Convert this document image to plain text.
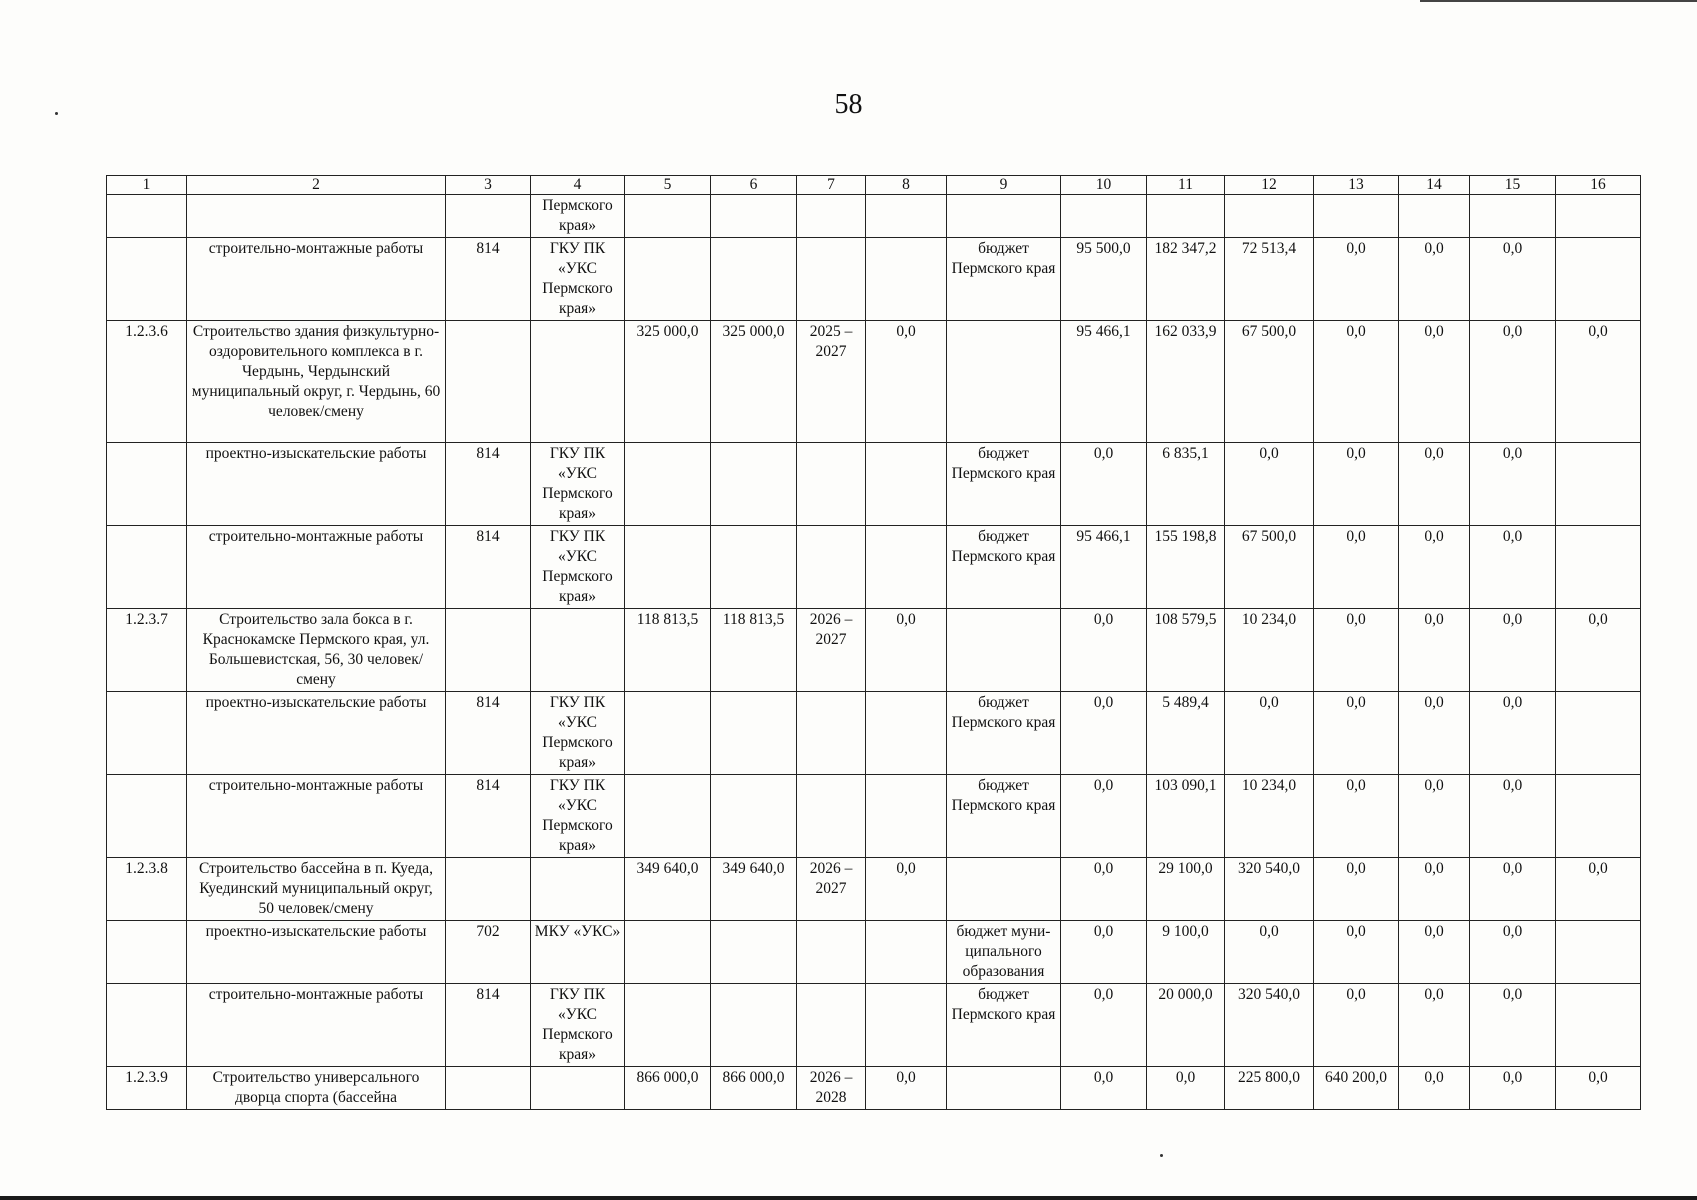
58
1	2	3	4	5	6	7	8	9	10	11	12	13	14	15	16
			Пермского края»												
	строительно-монтажные работы	814	ГКУ ПК «УКС Пермского края»					бюджет Пермского края	95 500,0	182 347,2	72 513,4	0,0	0,0	0,0	
1.2.3.6	Строительство здания физкультурно-оздоровительного комплекса в г. Чердынь, Чердынский муниципальный округ, г. Чердынь, 60 человек/смену			325 000,0	325 000,0	2025 – 2027	0,0		95 466,1	162 033,9	67 500,0	0,0	0,0	0,0	0,0
	проектно-изыскательские работы	814	ГКУ ПК «УКС Пермского края»					бюджет Пермского края	0,0	6 835,1	0,0	0,0	0,0	0,0	
	строительно-монтажные работы	814	ГКУ ПК «УКС Пермского края»					бюджет Пермского края	95 466,1	155 198,8	67 500,0	0,0	0,0	0,0	
1.2.3.7	Строительство зала бокса в г. Краснокамске Пермского края, ул. Большевистская, 56, 30 человек/смену			118 813,5	118 813,5	2026 – 2027	0,0		0,0	108 579,5	10 234,0	0,0	0,0	0,0	0,0
	проектно-изыскательские работы	814	ГКУ ПК «УКС Пермского края»					бюджет Пермского края	0,0	5 489,4	0,0	0,0	0,0	0,0	
	строительно-монтажные работы	814	ГКУ ПК «УКС Пермского края»					бюджет Пермского края	0,0	103 090,1	10 234,0	0,0	0,0	0,0	
1.2.3.8	Строительство бассейна в п. Куеда, Куединский муниципальный округ, 50 человек/смену			349 640,0	349 640,0	2026 – 2027	0,0		0,0	29 100,0	320 540,0	0,0	0,0	0,0	0,0
	проектно-изыскательские работы	702	МКУ «УКС»					бюджет муни-ципального образования	0,0	9 100,0	0,0	0,0	0,0	0,0	
	строительно-монтажные работы	814	ГКУ ПК «УКС Пермского края»					бюджет Пермского края	0,0	20 000,0	320 540,0	0,0	0,0	0,0	
1.2.3.9	Строительство универсального дворца спорта (бассейна			866 000,0	866 000,0	2026 – 2028	0,0		0,0	0,0	225 800,0	640 200,0	0,0	0,0	0,0
